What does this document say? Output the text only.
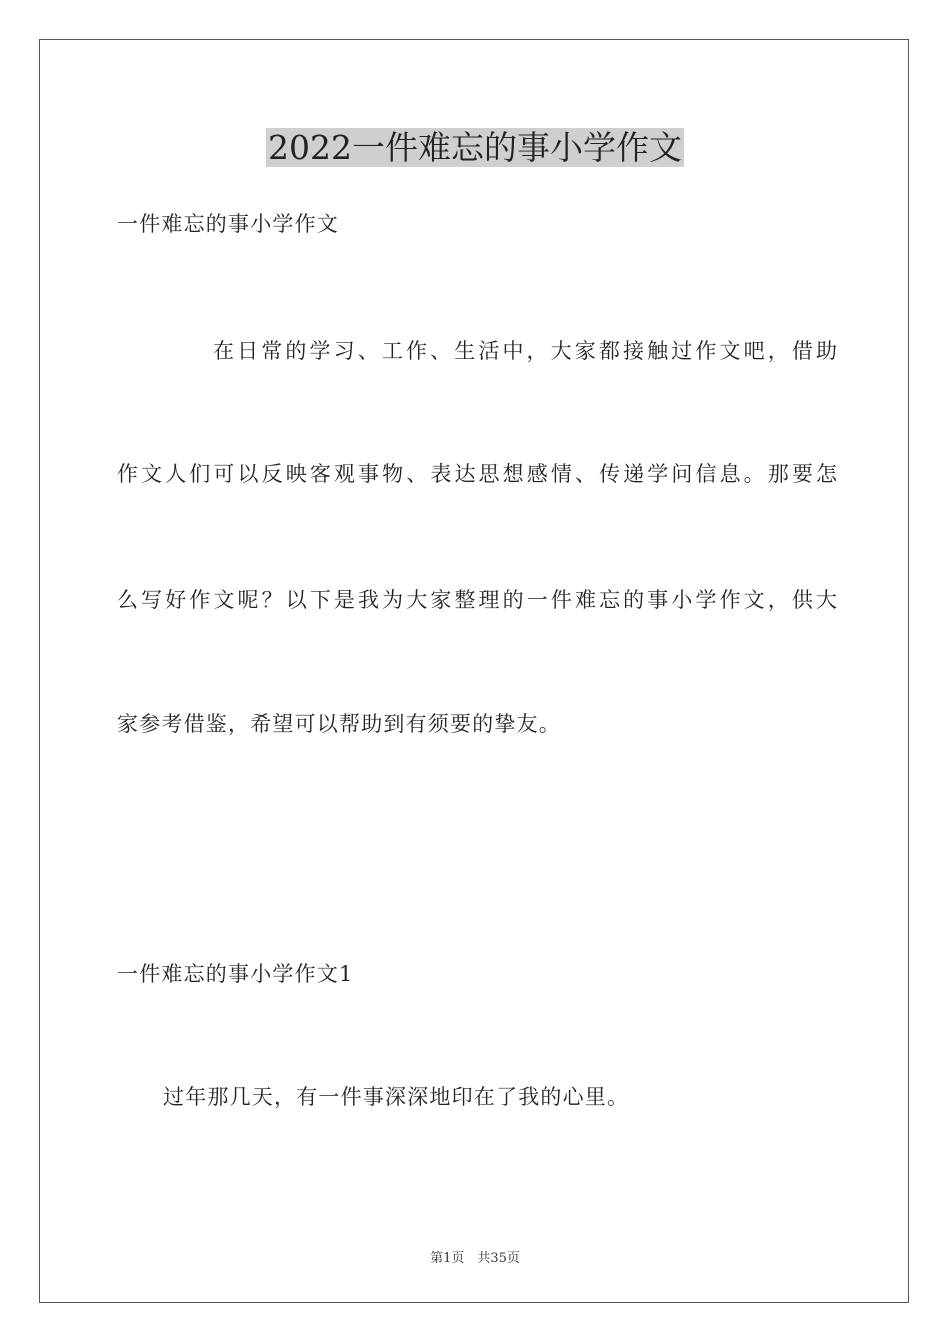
2022一件难忘的事小学作文
一件难忘的事小学作文
在日常的学习、工作、生活中，大家都接触过作文吧，借助
作文人们可以反映客观事物、表达思想感情、传递学问信息。那要怎
么写好作文呢？以下是我为大家整理的一件难忘的事小学作文，供大
家参考借鉴，希望可以帮助到有须要的挚友。
一件难忘的事小学作文1
过年那几天，有一件事深深地印在了我的心里。
第1页　共35页
